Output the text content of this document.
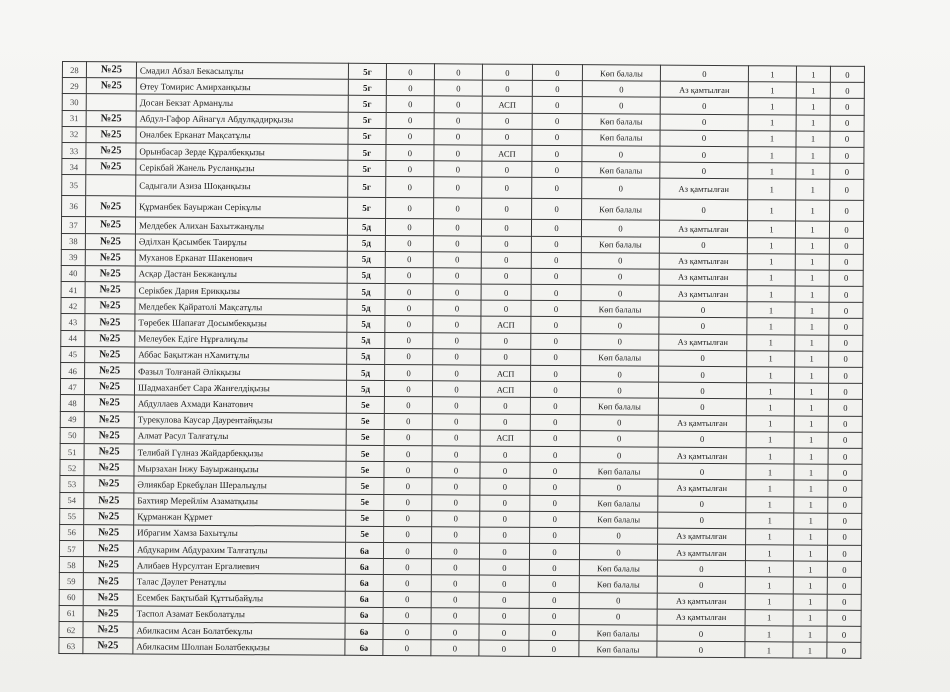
28	№25	Смадил Абзал Бекасылұлы	5г	0	0	0	0	Көп балалы	0	1	1	0
29	№25	Өтеу Томирис Амирханқызы	5г	0	0	0	0	0	Аз қамтылған	1	1	0
30		Досан Бекзат Арманұлы	5г	0	0	АСП	0	0	0	1	1	0
31	№25	Абдул-Гафор Айнагүл Абдулқадирқызы	5г	0	0	0	0	Көп балалы	0	1	1	0
32	№25	Оналбек Ерканат Мақсатұлы	5г	0	0	0	0	Көп балалы	0	1	1	0
33	№25	Орынбасар Зерде Құралбекқызы	5г	0	0	АСП	0	0	0	1	1	0
34	№25	Серікбай Жанель Русланқызы	5г	0	0	0	0	Көп балалы	0	1	1	0
35		Садыгали Азиза Шоқанқызы	5г	0	0	0	0	0	Аз қамтылған	1	1	0
36	№25	Құрманбек Бауыржан Серікұлы	5г	0	0	0	0	Көп балалы	0	1	1	0
37	№25	Мелдебек Алихан Бахытжанұлы	5д	0	0	0	0	0	Аз қамтылған	1	1	0
38	№25	Әділхан Қасымбек Таирұлы	5д	0	0	0	0	Көп балалы	0	1	1	0
39	№25	Муханов Ерканат Шакенович	5д	0	0	0	0	0	Аз қамтылған	1	1	0
40	№25	Асқар Дастан Бекжанұлы	5д	0	0	0	0	0	Аз қамтылған	1	1	0
41	№25	Серікбек Дария Ерикқызы	5д	0	0	0	0	0	Аз қамтылған	1	1	0
42	№25	Мелдебек Қайратолі Мақсатұлы	5д	0	0	0	0	Көп балалы	0	1	1	0
43	№25	Төребек Шапағат Досымбекқызы	5д	0	0	АСП	0	0	0	1	1	0
44	№25	Мелеубек Едіге Нұрғалиұлы	5д	0	0	0	0	0	Аз қамтылған	1	1	0
45	№25	Аббас Бақытжан нХамитұлы	5д	0	0	0	0	Көп балалы	0	1	1	0
46	№25	Фазыл Толғанай Әлікқызы	5д	0	0	АСП	0	0	0	1	1	0
47	№25	Шадмаханбет Сара Жанғелдіқызы	5д	0	0	АСП	0	0	0	1	1	0
48	№25	Абдуллаев Ахмади Канатович	5е	0	0	0	0	Көп балалы	0	1	1	0
49	№25	Турекулова Каусар Даурентайқызы	5е	0	0	0	0	0	Аз қамтылған	1	1	0
50	№25	Алмат Расул Талғатұлы	5е	0	0	АСП	0	0	0	1	1	0
51	№25	Телибай Гүлназ Жайдарбекқызы	5е	0	0	0	0	0	Аз қамтылған	1	1	0
52	№25	Мырзахан Інжу Бауыржанқызы	5е	0	0	0	0	Көп балалы	0	1	1	0
53	№25	Әлиякбар Еркебұлан Шералыұлы	5е	0	0	0	0	0	Аз қамтылған	1	1	0
54	№25	Бахтияр Мерейлім Азаматқызы	5е	0	0	0	0	Көп балалы	0	1	1	0
55	№25	Құрманжан Құрмет	5е	0	0	0	0	Көп балалы	0	1	1	0
56	№25	Ибрагим Хамза Бахытұлы	5е	0	0	0	0	0	Аз қамтылған	1	1	0
57	№25	Абдукарим Абдурахим Талғатұлы	6а	0	0	0	0	0	Аз қамтылған	1	1	0
58	№25	Алибаев Нурсултан Ергалиевич	6а	0	0	0	0	Көп балалы	0	1	1	0
59	№25	Талас Дәулет Ренатұлы	6а	0	0	0	0	Көп балалы	0	1	1	0
60	№25	Есембек Бақтыбай Құттыбайұлы	6а	0	0	0	0	0	Аз қамтылған	1	1	0
61	№25	Таспол Азамат Бекболатұлы	6ә	0	0	0	0	0	Аз қамтылған	1	1	0
62	№25	Абилкасим Асан Болатбекұлы	6ә	0	0	0	0	Көп балалы	0	1	1	0
63	№25	Абилкасим Шолпан Болатбекқызы	6ә	0	0	0	0	Көп балалы	0	1	1	0
